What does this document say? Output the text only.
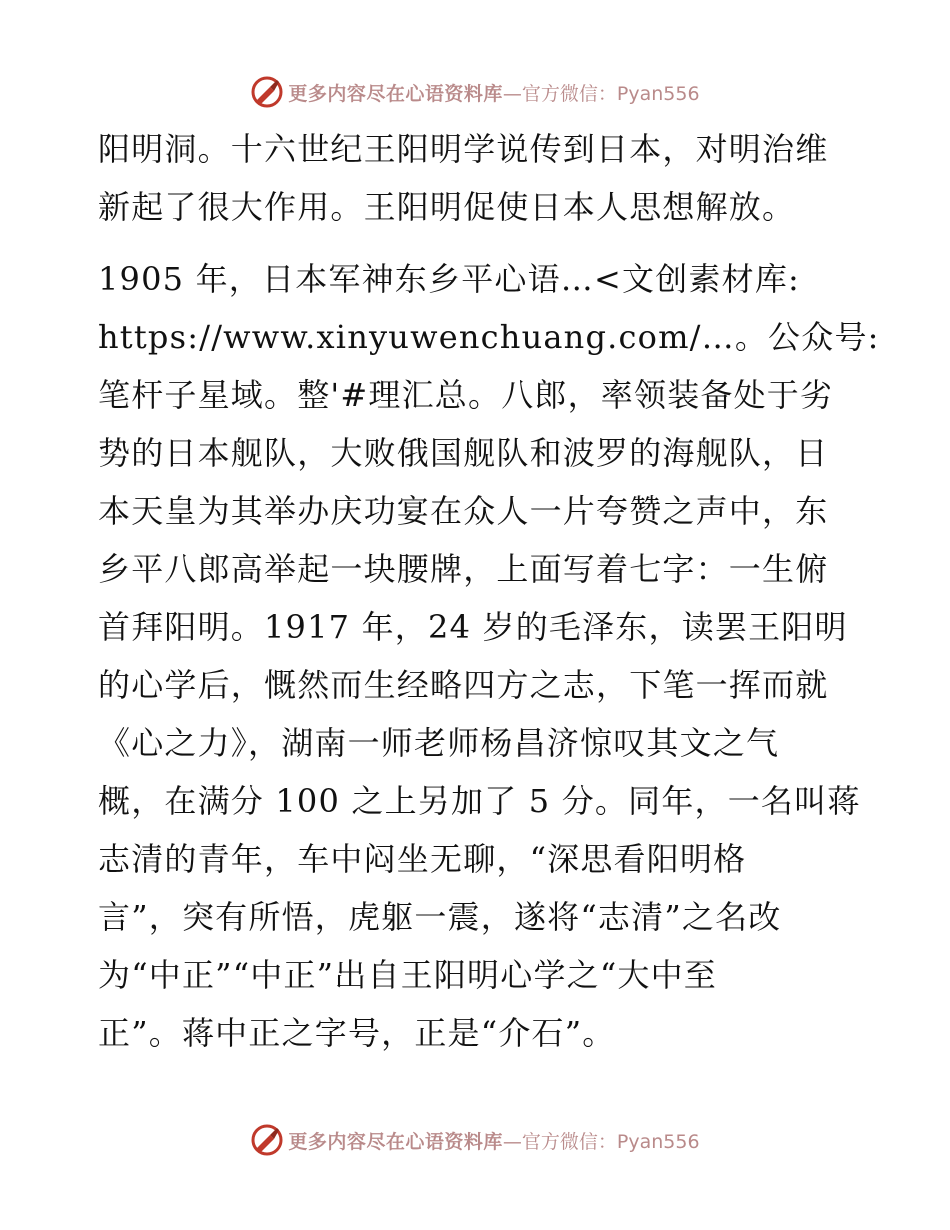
更多内容尽在心语资料库 —官方微信：Pyan556

阳明洞。十六世纪王阳明学说传到日本，对明治维
新起了很大作用。王阳明促使日本人思想解放。

1905 年，日本军神东乡平心语…<文创素材库:
https://www.xinyuwenchuang.com/…。公众号:
笔杆子星域。整'#理汇总。八郎，率领装备处于劣
势的日本舰队，大败俄国舰队和波罗的海舰队，日
本天皇为其举办庆功宴在众人一片夸赞之声中，东
乡平八郎高举起一块腰牌，上面写着七字：一生俯
首拜阳明。1917 年，24 岁的毛泽东，读罢王阳明
的心学后，慨然而生经略四方之志，下笔一挥而就
《心之力》，湖南一师老师杨昌济惊叹其文之气
概，在满分 100 之上另加了 5 分。同年，一名叫蒋
志清的青年，车中闷坐无聊，“深思看阳明格
言”，突有所悟，虎躯一震，遂将“志清”之名改
为“中正”“中正”出自王阳明心学之“大中至
正”。蒋中正之字号，正是“介石”。

更多内容尽在心语资料库 —官方微信：Pyan556
